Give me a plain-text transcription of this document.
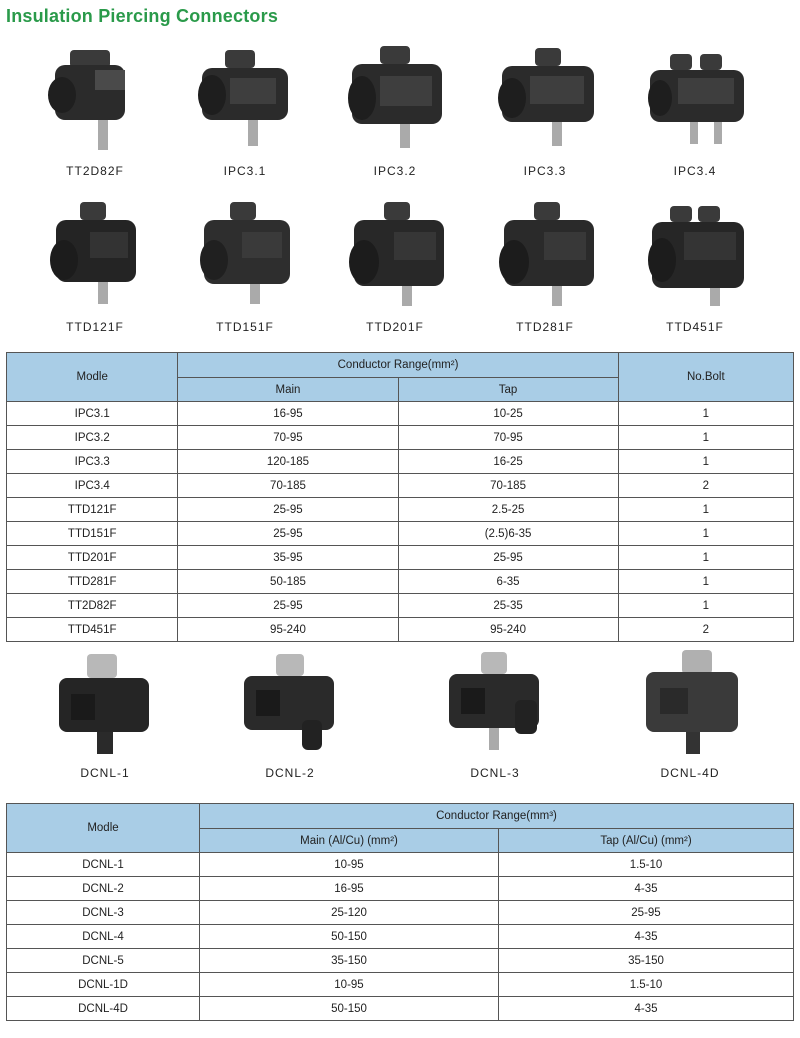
Insulation Piercing Connectors
TT2D82F	IPC3.1	IPC3.2	IPC3.3	IPC3.4
TTD121F	TTD151F	TTD201F	TTD281F	TTD451F
Modle	Conductor Range(mm²)		No.Bolt
	Main	Tap	
IPC3.1	16-95	10-25	1
IPC3.2	70-95	70-95	1
IPC3.3	120-185	16-25	1
IPC3.4	70-185	70-185	2
TTD121F	25-95	2.5-25	1
TTD151F	25-95	(2.5)6-35	1
TTD201F	35-95	25-95	1
TTD281F	50-185	6-35	1
TT2D82F	25-95	25-35	1
TTD451F	95-240	95-240	2
DCNL-1	DCNL-2	DCNL-3	DCNL-4D
Modle	Conductor Range(mm³)	
	Main (Al/Cu) (mm²)	Tap (Al/Cu) (mm²)
DCNL-1	10-95	1.5-10
DCNL-2	16-95	4-35
DCNL-3	25-120	25-95
DCNL-4	50-150	4-35
DCNL-5	35-150	35-150
DCNL-1D	10-95	1.5-10
DCNL-4D	50-150	4-35
